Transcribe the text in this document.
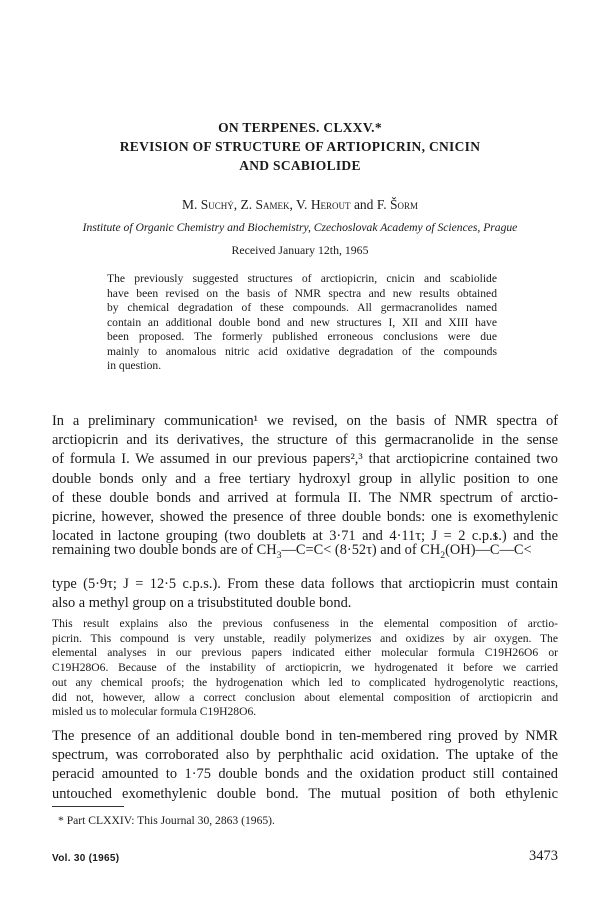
ON TERPENES. CLXXV.*
REVISION OF STRUCTURE OF ARTIOPICRIN, CNICIN
AND SCABIOLIDE
M. Suchý, Z. Samek, V. Herout and F. Šorm
Institute of Organic Chemistry and Biochemistry, Czechoslovak Academy of Sciences, Prague
Received January 12th, 1965
The previously suggested structures of arctiopicrin, cnicin and scabiolide
have been revised on the basis of NMR spectra and new results obtained
by chemical degradation of these compounds. All germacranolides named
contain an additional double bond and new structures I, XII and XIII have
been proposed. The formerly published erroneous conclusions were due
mainly to anomalous nitric acid oxidative degradation of the compounds
in question.
In a preliminary communication¹ we revised, on the basis of NMR spectra of
arctiopicrin and its derivatives, the structure of this germacranolide in the sense
of formula I. We assumed in our previous papers²,³ that arctiopicrine contained two
double bonds only and a free tertiary hydroxyl group in allylic position to one
of these double bonds and arrived at formula II. The NMR spectrum of arctio-
picrine, however, showed the presence of three double bonds: one is exomethylenic
located in lactone grouping (two doublets at 3·71 and 4·11τ; J = 2 c.p.s.) and the
remaining two double bonds are of $CH_3—C=C< (8\cdot 52\tau)$ and of $CH_2(OH)—C—C<$
type (5·9τ; J = 12·5 c.p.s.). From these data follows that arctiopicrin must contain
also a methyl group on a trisubstituted double bond.
This result explains also the previous confuseness in the elemental composition of arctio-
picrin. This compound is very unstable, readily polymerizes and oxidizes by air oxygen. The
elemental analyses in our previous papers indicated either molecular formula C19H26O6 or
C19H28O6. Because of the instability of arctiopicrin, we hydrogenated it before we carried
out any chemical proofs; the hydrogenation which led to complicated hydrogenolytic reactions,
did not, however, allow a correct conclusion about elemental composition of arctiopicrin and
misled us to molecular formula C19H28O6.
The presence of an additional double bond in ten-membered ring proved by NMR
spectrum, was corroborated also by perphthalic acid oxidation. The uptake of the
peracid amounted to 1·75 double bonds and the oxidation product still contained
untouched exomethylenic double bond. The mutual position of both ethylenic
* Part CLXXIV: This Journal 30, 2863 (1965).
Vol. 30 (1965)	3473
